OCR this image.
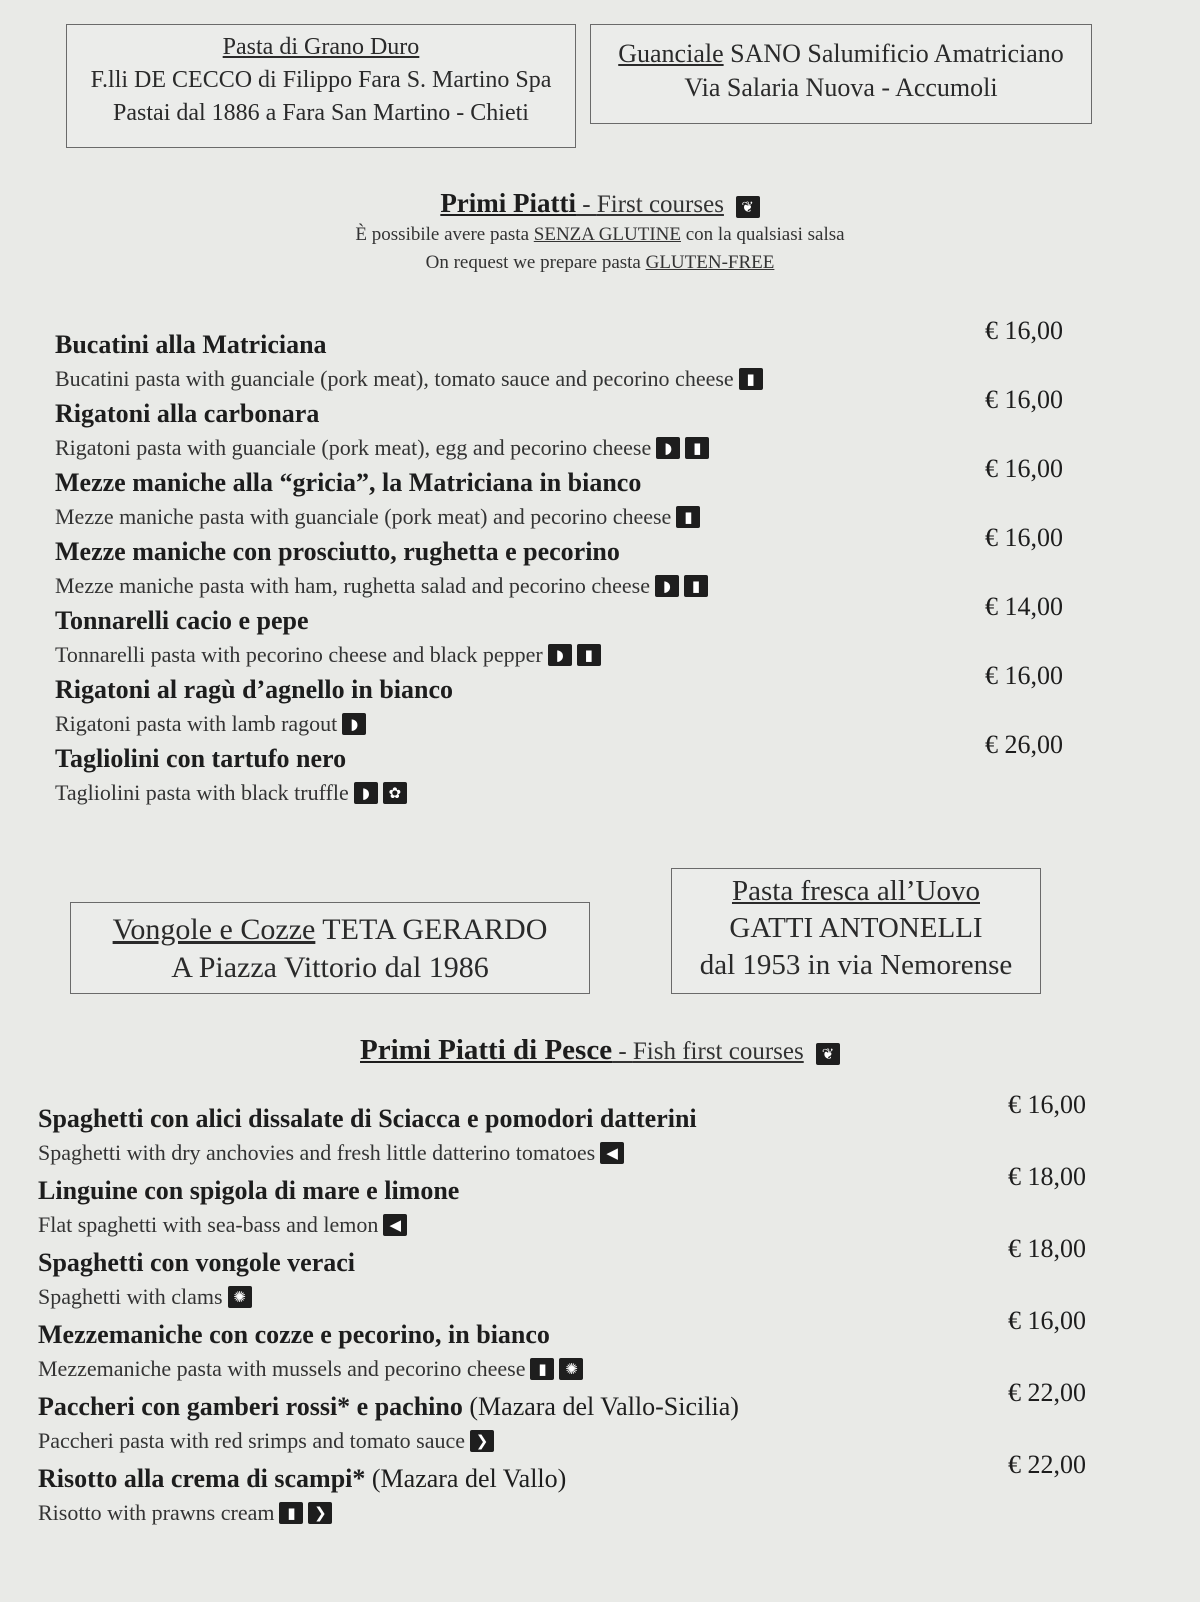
Pasta di Grano Duro
F.lli DE CECCO di Filippo Fara S. Martino Spa
Pastai dal 1886 a Fara San Martino - Chieti
Guanciale SANO Salumificio Amatriciano
Via Salaria Nuova - Accumoli
Primi Piatti - First courses ❦
È possibile avere pasta SENZA GLUTINE con la qualsiasi salsa
On request we prepare pasta GLUTEN-FREE
Bucatini alla Matriciana
Bucatini pasta with guanciale (pork meat), tomato sauce and pecorino cheese ▮
€ 16,00
Rigatoni alla carbonara
Rigatoni pasta with guanciale (pork meat), egg and pecorino cheese ◗	▮
€ 16,00
Mezze maniche alla “gricia”, la Matriciana in bianco
Mezze maniche pasta with guanciale (pork meat) and pecorino cheese ▮
€ 16,00
Mezze maniche con prosciutto, rughetta e pecorino
Mezze maniche pasta with ham, rughetta salad and pecorino cheese ◗	▮
€ 16,00
Tonnarelli cacio e pepe
Tonnarelli pasta with pecorino cheese and black pepper ◗	▮
€ 14,00
Rigatoni al ragù d’agnello in bianco
Rigatoni pasta with lamb ragout ◗
€ 16,00
Tagliolini con tartufo nero
Tagliolini pasta with black truffle ◗	✿
€ 26,00
Vongole e Cozze TETA GERARDO
A Piazza Vittorio dal 1986
Pasta fresca all’Uovo
GATTI ANTONELLI
dal 1953 in via Nemorense
Primi Piatti di Pesce - Fish first courses ❦
Spaghetti con alici dissalate di Sciacca e pomodori datterini
Spaghetti with dry anchovies and fresh little datterino tomatoes ◀
€ 16,00
Linguine con spigola di mare e limone
Flat spaghetti with sea-bass and lemon ◀
€ 18,00
Spaghetti con vongole veraci
Spaghetti with clams ✺
€ 18,00
Mezzemaniche con cozze e pecorino, in bianco
Mezzemaniche pasta with mussels and pecorino cheese ▮	✺
€ 16,00
Paccheri con gamberi rossi* e pachino (Mazara del Vallo-Sicilia)
Paccheri pasta with red srimps and tomato sauce ❯
€ 22,00
Risotto alla crema di scampi* (Mazara del Vallo)
Risotto with prawns cream ▮	❯
€ 22,00
